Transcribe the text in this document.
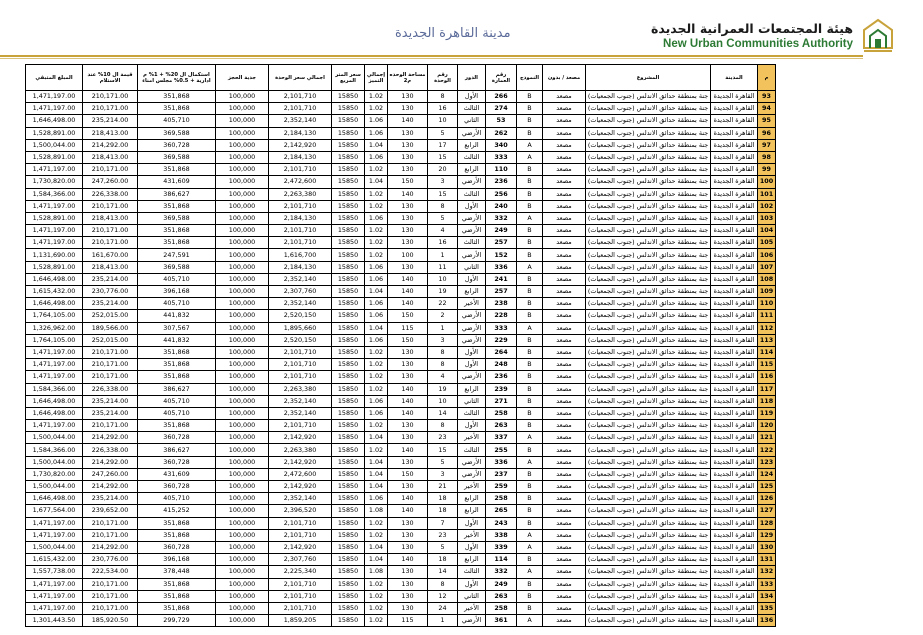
مدينة القاهرة الجديدة	هيئة المجتمعات العمرانية الجديدة
New Urban Communities Authority
م	المدينة	المشروع	مصعد / بدون	النموذج	رقم العمارة	الدور	رقم الوحدة	مساحة الوحده م2	إجمالي التميز	سعر المتر المربع	اجمالي سعر الوحدة	جدية الحجز	استكمال ال 20% + 1% م ادارية + 0.5% مجلس امناء	قيمة ال 10% عند الاستلام	المبلغ المتبقي
93	القاهرة الجديدة	جنة بمنطقة حدائق الاندلس (جنوب الجمعيات)	مصعد	B	266	الأول	8	130	1.02	15850	2,101,710	100,000	351,868	210,171.00	1,471,197.00
94	القاهرة الجديدة	جنة بمنطقة حدائق الاندلس (جنوب الجمعيات)	مصعد	B	274	الثالث	16	130	1.02	15850	2,101,710	100,000	351,868	210,171.00	1,471,197.00
95	القاهرة الجديدة	جنة بمنطقة حدائق الاندلس (جنوب الجمعيات)	مصعد	B	53	الثاني	10	140	1.06	15850	2,352,140	100,000	405,710	235,214.00	1,646,498.00
96	القاهرة الجديدة	جنة بمنطقة حدائق الاندلس (جنوب الجمعيات)	مصعد	B	262	الأرضي	5	130	1.06	15850	2,184,130	100,000	369,588	218,413.00	1,528,891.00
97	القاهرة الجديدة	جنة بمنطقة حدائق الاندلس (جنوب الجمعيات)	مصعد	A	340	الرابع	17	130	1.04	15850	2,142,920	100,000	360,728	214,292.00	1,500,044.00
98	القاهرة الجديدة	جنة بمنطقة حدائق الاندلس (جنوب الجمعيات)	مصعد	A	333	الثالث	15	130	1.06	15850	2,184,130	100,000	369,588	218,413.00	1,528,891.00
99	القاهرة الجديدة	جنة بمنطقة حدائق الاندلس (جنوب الجمعيات)	مصعد	B	110	الرابع	20	130	1.02	15850	2,101,710	100,000	351,868	210,171.00	1,471,197.00
100	القاهرة الجديدة	جنة بمنطقة حدائق الاندلس (جنوب الجمعيات)	مصعد	B	236	الأرضي	3	150	1.04	15850	2,472,600	100,000	431,609	247,260.00	1,730,820.00
101	القاهرة الجديدة	جنة بمنطقة حدائق الاندلس (جنوب الجمعيات)	مصعد	B	256	الثالث	15	140	1.02	15850	2,263,380	100,000	386,627	226,338.00	1,584,366.00
102	القاهرة الجديدة	جنة بمنطقة حدائق الاندلس (جنوب الجمعيات)	مصعد	B	240	الأول	8	130	1.02	15850	2,101,710	100,000	351,868	210,171.00	1,471,197.00
103	القاهرة الجديدة	جنة بمنطقة حدائق الاندلس (جنوب الجمعيات)	مصعد	A	332	الأرضي	5	130	1.06	15850	2,184,130	100,000	369,588	218,413.00	1,528,891.00
104	القاهرة الجديدة	جنة بمنطقة حدائق الاندلس (جنوب الجمعيات)	مصعد	B	249	الأرضي	4	130	1.02	15850	2,101,710	100,000	351,868	210,171.00	1,471,197.00
105	القاهرة الجديدة	جنة بمنطقة حدائق الاندلس (جنوب الجمعيات)	مصعد	B	257	الثالث	16	130	1.02	15850	2,101,710	100,000	351,868	210,171.00	1,471,197.00
106	القاهرة الجديدة	جنة بمنطقة حدائق الاندلس (جنوب الجمعيات)	مصعد	B	152	الأرضي	1	100	1.02	15850	1,616,700	100,000	247,591	161,670.00	1,131,690.00
107	القاهرة الجديدة	جنة بمنطقة حدائق الاندلس (جنوب الجمعيات)	مصعد	A	336	الثاني	11	130	1.06	15850	2,184,130	100,000	369,588	218,413.00	1,528,891.00
108	القاهرة الجديدة	جنة بمنطقة حدائق الاندلس (جنوب الجمعيات)	مصعد	B	241	الأول	10	140	1.06	15850	2,352,140	100,000	405,710	235,214.00	1,646,498.00
109	القاهرة الجديدة	جنة بمنطقة حدائق الاندلس (جنوب الجمعيات)	مصعد	B	257	الرابع	19	140	1.04	15850	2,307,760	100,000	396,168	230,776.00	1,615,432.00
110	القاهرة الجديدة	جنة بمنطقة حدائق الاندلس (جنوب الجمعيات)	مصعد	B	238	الأخير	22	140	1.06	15850	2,352,140	100,000	405,710	235,214.00	1,646,498.00
111	القاهرة الجديدة	جنة بمنطقة حدائق الاندلس (جنوب الجمعيات)	مصعد	B	228	الأرضي	2	150	1.06	15850	2,520,150	100,000	441,832	252,015.00	1,764,105.00
112	القاهرة الجديدة	جنة بمنطقة حدائق الاندلس (جنوب الجمعيات)	مصعد	A	333	الأرضي	1	115	1.04	15850	1,895,660	100,000	307,567	189,566.00	1,326,962.00
113	القاهرة الجديدة	جنة بمنطقة حدائق الاندلس (جنوب الجمعيات)	مصعد	B	229	الأرضي	3	150	1.06	15850	2,520,150	100,000	441,832	252,015.00	1,764,105.00
114	القاهرة الجديدة	جنة بمنطقة حدائق الاندلس (جنوب الجمعيات)	مصعد	B	264	الأول	8	130	1.02	15850	2,101,710	100,000	351,868	210,171.00	1,471,197.00
115	القاهرة الجديدة	جنة بمنطقة حدائق الاندلس (جنوب الجمعيات)	مصعد	B	248	الأول	8	130	1.02	15850	2,101,710	100,000	351,868	210,171.00	1,471,197.00
116	القاهرة الجديدة	جنة بمنطقة حدائق الاندلس (جنوب الجمعيات)	مصعد	B	236	الأرضي	4	130	1.02	15850	2,101,710	100,000	351,868	210,171.00	1,471,197.00
117	القاهرة الجديدة	جنة بمنطقة حدائق الاندلس (جنوب الجمعيات)	مصعد	B	239	الرابع	19	140	1.02	15850	2,263,380	100,000	386,627	226,338.00	1,584,366.00
118	القاهرة الجديدة	جنة بمنطقة حدائق الاندلس (جنوب الجمعيات)	مصعد	B	271	الثاني	10	140	1.06	15850	2,352,140	100,000	405,710	235,214.00	1,646,498.00
119	القاهرة الجديدة	جنة بمنطقة حدائق الاندلس (جنوب الجمعيات)	مصعد	B	258	الثالث	14	140	1.06	15850	2,352,140	100,000	405,710	235,214.00	1,646,498.00
120	القاهرة الجديدة	جنة بمنطقة حدائق الاندلس (جنوب الجمعيات)	مصعد	B	263	الأول	8	130	1.02	15850	2,101,710	100,000	351,868	210,171.00	1,471,197.00
121	القاهرة الجديدة	جنة بمنطقة حدائق الاندلس (جنوب الجمعيات)	مصعد	A	337	الأخير	23	130	1.04	15850	2,142,920	100,000	360,728	214,292.00	1,500,044.00
122	القاهرة الجديدة	جنة بمنطقة حدائق الاندلس (جنوب الجمعيات)	مصعد	B	255	الثالث	15	140	1.02	15850	2,263,380	100,000	386,627	226,338.00	1,584,366.00
123	القاهرة الجديدة	جنة بمنطقة حدائق الاندلس (جنوب الجمعيات)	مصعد	A	336	الأرضي	5	130	1.04	15850	2,142,920	100,000	360,728	214,292.00	1,500,044.00
124	القاهرة الجديدة	جنة بمنطقة حدائق الاندلس (جنوب الجمعيات)	مصعد	B	237	الأرضي	3	150	1.04	15850	2,472,600	100,000	431,609	247,260.00	1,730,820.00
125	القاهرة الجديدة	جنة بمنطقة حدائق الاندلس (جنوب الجمعيات)	مصعد	B	259	الأخير	21	130	1.04	15850	2,142,920	100,000	360,728	214,292.00	1,500,044.00
126	القاهرة الجديدة	جنة بمنطقة حدائق الاندلس (جنوب الجمعيات)	مصعد	B	258	الرابع	18	140	1.06	15850	2,352,140	100,000	405,710	235,214.00	1,646,498.00
127	القاهرة الجديدة	جنة بمنطقة حدائق الاندلس (جنوب الجمعيات)	مصعد	B	265	الرابع	18	140	1.08	15850	2,396,520	100,000	415,252	239,652.00	1,677,564.00
128	القاهرة الجديدة	جنة بمنطقة حدائق الاندلس (جنوب الجمعيات)	مصعد	B	243	الأول	7	130	1.02	15850	2,101,710	100,000	351,868	210,171.00	1,471,197.00
129	القاهرة الجديدة	جنة بمنطقة حدائق الاندلس (جنوب الجمعيات)	مصعد	A	338	الأخير	23	130	1.02	15850	2,101,710	100,000	351,868	210,171.00	1,471,197.00
130	القاهرة الجديدة	جنة بمنطقة حدائق الاندلس (جنوب الجمعيات)	مصعد	A	339	الأول	5	130	1.04	15850	2,142,920	100,000	360,728	214,292.00	1,500,044.00
131	القاهرة الجديدة	جنة بمنطقة حدائق الاندلس (جنوب الجمعيات)	مصعد	B	114	الرابع	18	140	1.04	15850	2,307,760	100,000	396,168	230,776.00	1,615,432.00
132	القاهرة الجديدة	جنة بمنطقة حدائق الاندلس (جنوب الجمعيات)	مصعد	A	332	الثالث	14	130	1.08	15850	2,225,340	100,000	378,448	222,534.00	1,557,738.00
133	القاهرة الجديدة	جنة بمنطقة حدائق الاندلس (جنوب الجمعيات)	مصعد	B	249	الأول	8	130	1.02	15850	2,101,710	100,000	351,868	210,171.00	1,471,197.00
134	القاهرة الجديدة	جنة بمنطقة حدائق الاندلس (جنوب الجمعيات)	مصعد	B	263	الثاني	12	130	1.02	15850	2,101,710	100,000	351,868	210,171.00	1,471,197.00
135	القاهرة الجديدة	جنة بمنطقة حدائق الاندلس (جنوب الجمعيات)	مصعد	B	258	الأخير	24	130	1.02	15850	2,101,710	100,000	351,868	210,171.00	1,471,197.00
136	القاهرة الجديدة	جنة بمنطقة حدائق الاندلس (جنوب الجمعيات)	مصعد	A	361	الأرضي	1	115	1.02	15850	1,859,205	100,000	299,729	185,920.50	1,301,443.50
